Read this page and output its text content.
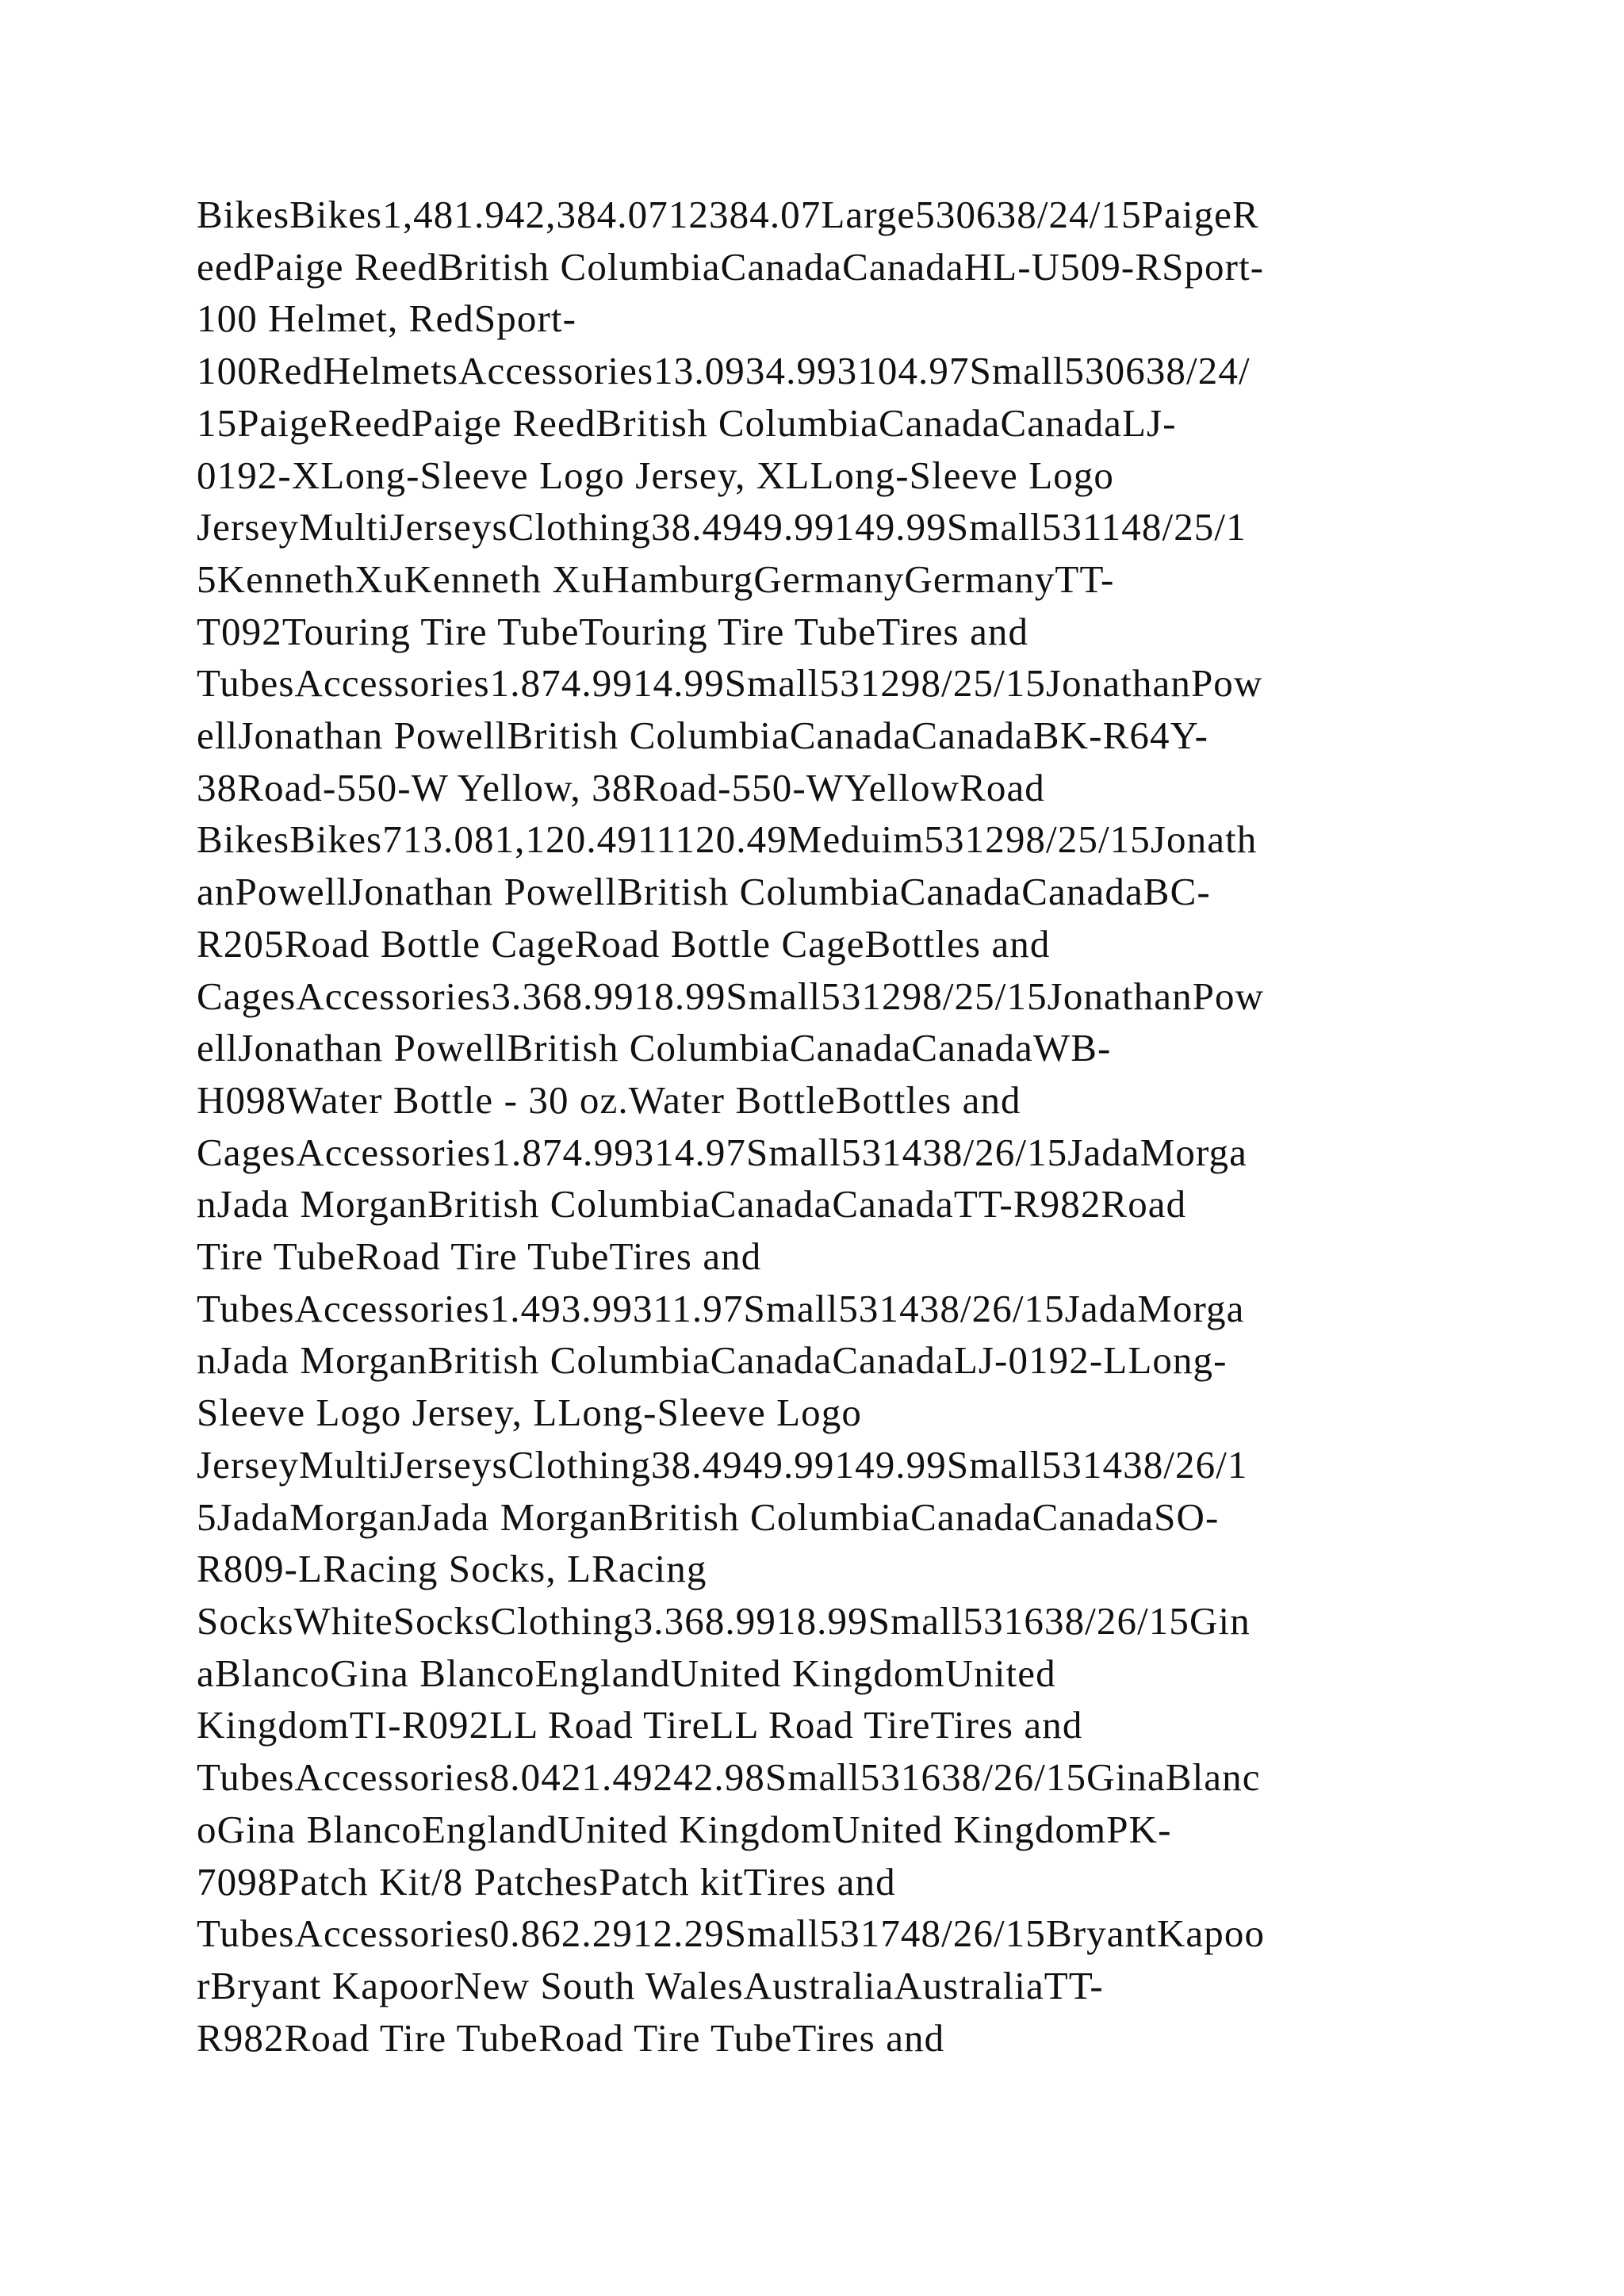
BikesBikes1,481.942,384.0712384.07Large530638/24/15PaigeR

eedPaige ReedBritish ColumbiaCanadaCanadaHL-U509-RSport-

100 Helmet, RedSport-

100RedHelmetsAccessories13.0934.993104.97Small530638/24/

15PaigeReedPaige ReedBritish ColumbiaCanadaCanadaLJ-

0192-XLong-Sleeve Logo Jersey, XLLong-Sleeve Logo

JerseyMultiJerseysClothing38.4949.99149.99Small531148/25/1

5KennethXuKenneth XuHamburgGermanyGermanyTT-

T092Touring Tire TubeTouring Tire TubeTires and

TubesAccessories1.874.9914.99Small531298/25/15JonathanPow

ellJonathan PowellBritish ColumbiaCanadaCanadaBK-R64Y-

38Road-550-W Yellow, 38Road-550-WYellowRoad

BikesBikes713.081,120.4911120.49Meduim531298/25/15Jonath

anPowellJonathan PowellBritish ColumbiaCanadaCanadaBC-

R205Road Bottle CageRoad Bottle CageBottles and

CagesAccessories3.368.9918.99Small531298/25/15JonathanPow

ellJonathan PowellBritish ColumbiaCanadaCanadaWB-

H098Water Bottle - 30 oz.Water BottleBottles and

CagesAccessories1.874.99314.97Small531438/26/15JadaMorga

nJada MorganBritish ColumbiaCanadaCanadaTT-R982Road

Tire TubeRoad Tire TubeTires and

TubesAccessories1.493.99311.97Small531438/26/15JadaMorga

nJada MorganBritish ColumbiaCanadaCanadaLJ-0192-LLong-

Sleeve Logo Jersey, LLong-Sleeve Logo

JerseyMultiJerseysClothing38.4949.99149.99Small531438/26/1

5JadaMorganJada MorganBritish ColumbiaCanadaCanadaSO-

R809-LRacing Socks, LRacing

SocksWhiteSocksClothing3.368.9918.99Small531638/26/15Gin

aBlancoGina BlancoEnglandUnited KingdomUnited

KingdomTI-R092LL Road TireLL Road TireTires and

TubesAccessories8.0421.49242.98Small531638/26/15GinaBlanc

oGina BlancoEnglandUnited KingdomUnited KingdomPK-

7098Patch Kit/8 PatchesPatch kitTires and

TubesAccessories0.862.2912.29Small531748/26/15BryantKapoo

rBryant KapoorNew South WalesAustraliaAustraliaTT-

R982Road Tire TubeRoad Tire TubeTires and
